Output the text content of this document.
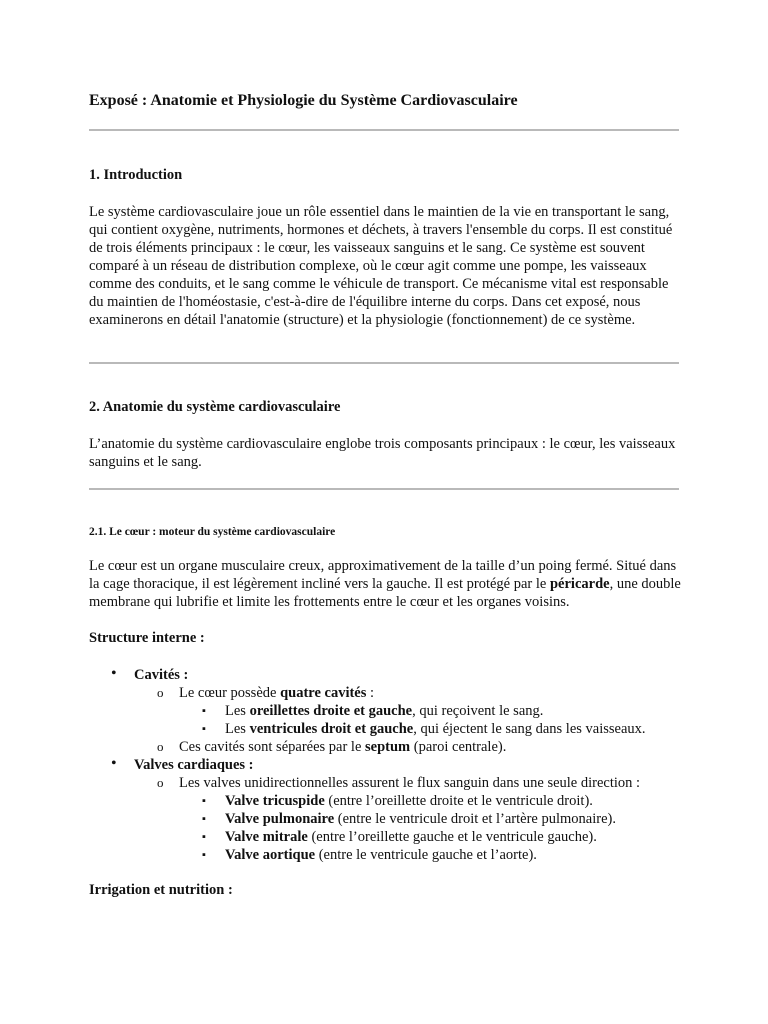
Exposé : Anatomie et Physiologie du Système Cardiovasculaire
1. Introduction

Le système cardiovasculaire joue un rôle essentiel dans le maintien de la vie en transportant le sang, qui contient oxygène, nutriments, hormones et déchets, à travers l'ensemble du corps. Il est constitué de trois éléments principaux : le cœur, les vaisseaux sanguins et le sang. Ce système est souvent comparé à un réseau de distribution complexe, où le cœur agit comme une pompe, les vaisseaux comme des conduits, et le sang comme le véhicule de transport. Ce mécanisme vital est responsable du maintien de l'homéostasie, c'est-à-dire de l'équilibre interne du corps. Dans cet exposé, nous examinerons en détail l'anatomie (structure) et la physiologie (fonctionnement) de ce système.

2. Anatomie du système cardiovasculaire

L’anatomie du système cardiovasculaire englobe trois composants principaux : le cœur, les vaisseaux sanguins et le sang.

2.1. Le cœur : moteur du système cardiovasculaire

Le cœur est un organe musculaire creux, approximativement de la taille d’un poing fermé. Situé dans la cage thoracique, il est légèrement incliné vers la gauche. Il est protégé par le péricarde, une double membrane qui lubrifie et limite les frottements entre le cœur et les organes voisins.

Structure interne :
• Cavités :
o Le cœur possède quatre cavités :
▪ Les oreillettes droite et gauche, qui reçoivent le sang.
▪ Les ventricules droit et gauche, qui éjectent le sang dans les vaisseaux.
o Ces cavités sont séparées par le septum (paroi centrale).
• Valves cardiaques :
o Les valves unidirectionnelles assurent le flux sanguin dans une seule direction :
▪ Valve tricuspide (entre l’oreillette droite et le ventricule droit).
▪ Valve pulmonaire (entre le ventricule droit et l’artère pulmonaire).
▪ Valve mitrale (entre l’oreillette gauche et le ventricule gauche).
▪ Valve aortique (entre le ventricule gauche et l’aorte).
Irrigation et nutrition :
